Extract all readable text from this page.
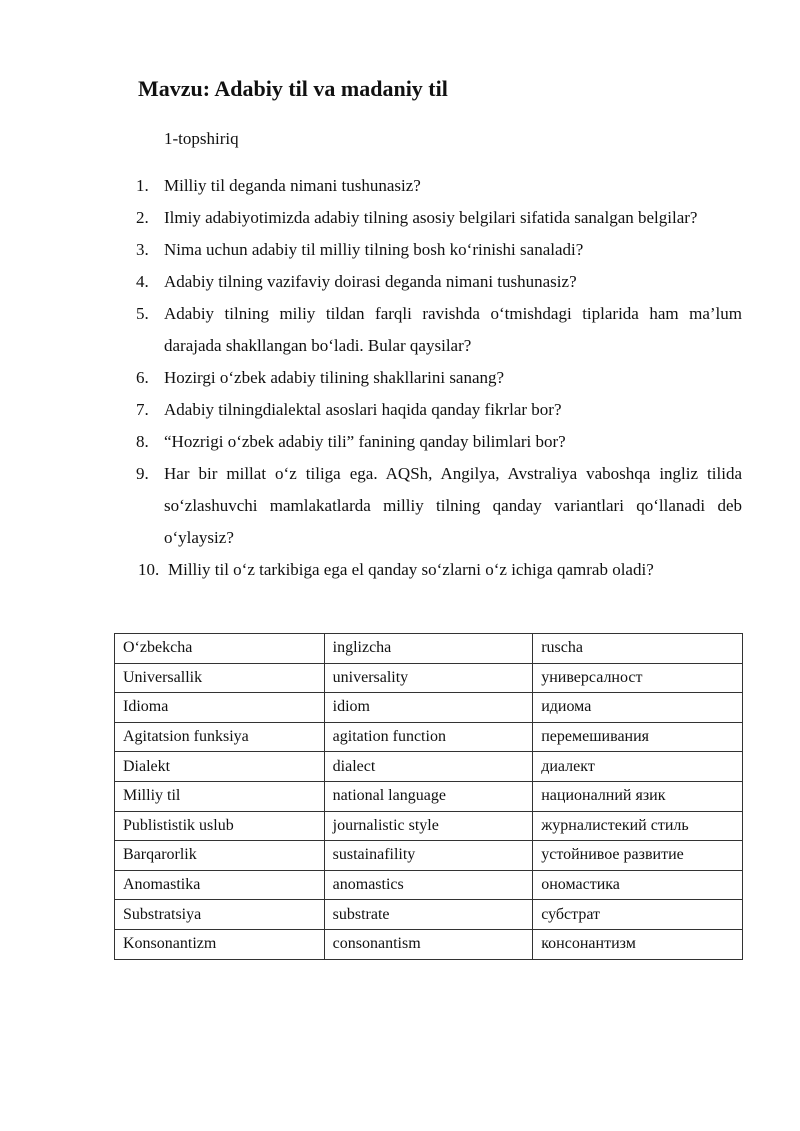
Mavzu: Adabiy til va madaniy til
1-topshiriq
1. Milliy til deganda nimani tushunasiz?
2. Ilmiy adabiyotimizda adabiy tilning asosiy belgilari sifatida sanalgan belgilar?
3. Nima uchun adabiy til milliy tilning bosh ko‘rinishi sanaladi?
4. Adabiy tilning vazifaviy doirasi deganda nimani tushunasiz?
5. Adabiy tilning miliy tildan farqli ravishda o‘tmishdagi tiplarida ham ma’lum darajada shakllangan bo‘ladi. Bular qaysilar?
6. Hozirgi o‘zbek adabiy tilining shakllarini sanang?
7. Adabiy tilningdialektal asoslari haqida qanday fikrlar bor?
8. “Hozrigi o‘zbek adabiy tili” fanining qanday bilimlari bor?
9. Har bir millat o‘z tiliga ega. AQSh, Angilya, Avstraliya vaboshqa ingliz tilida so‘zlashuvchi mamlakatlarda milliy tilning qanday variantlari qo‘llanadi deb o‘ylaysiz?
10. Milliy til o‘z tarkibiga ega el qanday so‘zlarni o‘z ichiga qamrab oladi?
O‘zbekcha	inglizcha	ruscha
Universallik	universality	универсалност
Idioma	idiom	идиома
Agitatsion funksiya	agitation function	перемешивания
Dialekt	dialect	диалект
Milliy til	national language	националний язик
Publististik uslub	journalistic style	журналистекий стиль
Barqarorlik	sustainafility	устойнивое развитие
Anomastika	anomastics	ономастика
Substratsiya	substrate	субстрат
Konsonantizm	consonantism	консонантизм
